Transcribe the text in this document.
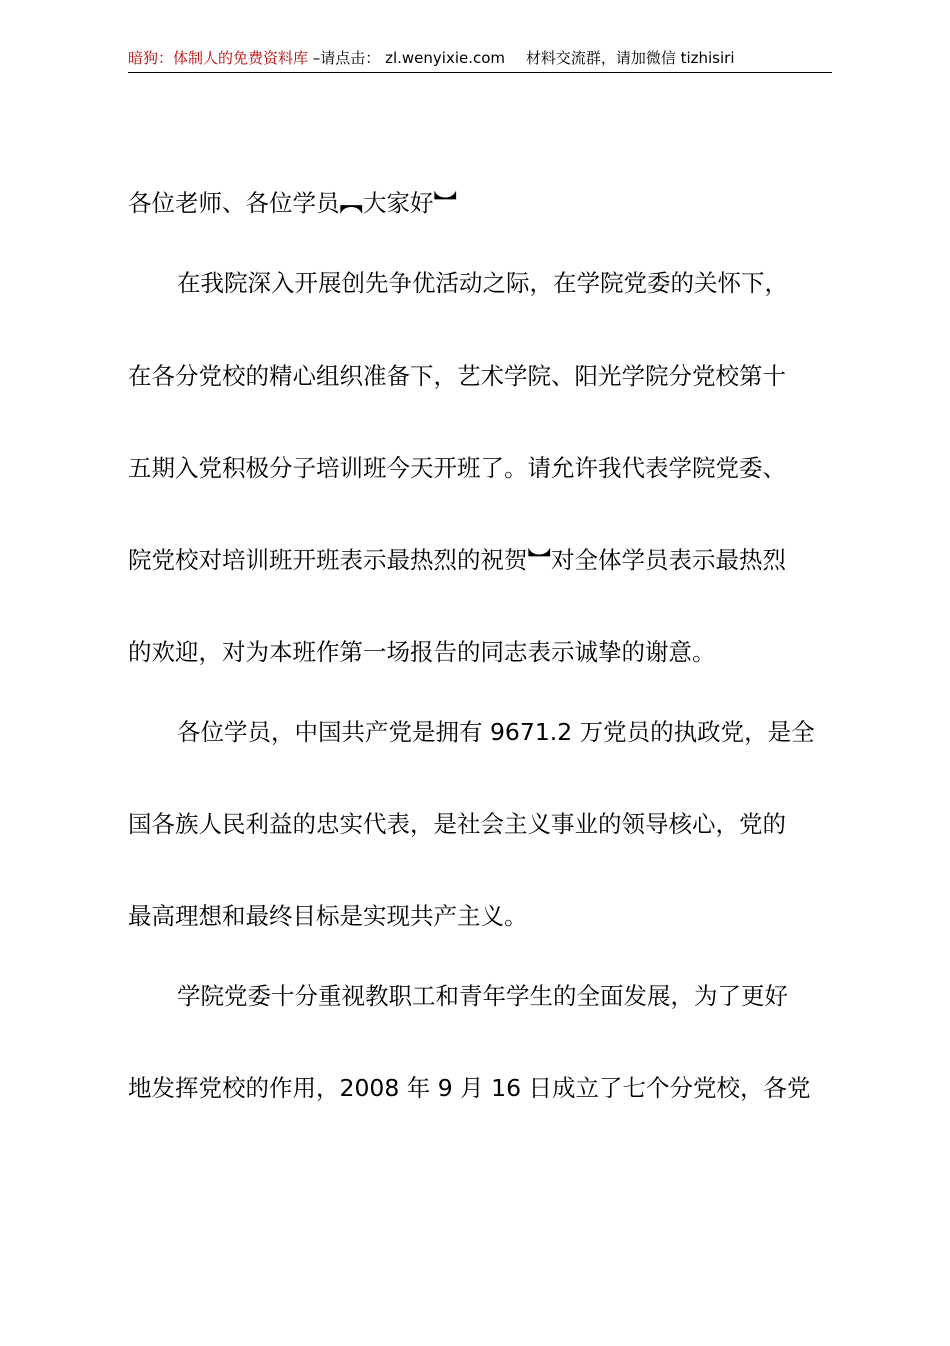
暗狗：体制人的免费资料库 –请点击： zl.wenyixie.com 材料交流群，请加微信 tizhisiri
各位老师、各位学员︻大家好︼
在我院深入开展创先争优活动之际，在学院党委的关怀下，
在各分党校的精心组织准备下，艺术学院、阳光学院分党校第十
五期入党积极分子培训班今天开班了。请允许我代表学院党委、
院党校对培训班开班表示最热烈的祝贺︼对全体学员表示最热烈
的欢迎，对为本班作第一场报告的同志表示诚挚的谢意。
各位学员，中国共产党是拥有 9671.2 万党员的执政党，是全
国各族人民利益的忠实代表，是社会主义事业的领导核心，党的
最高理想和最终目标是实现共产主义。
学院党委十分重视教职工和青年学生的全面发展，为了更好
地发挥党校的作用，2008 年 9 月 16 日成立了七个分党校，各党
